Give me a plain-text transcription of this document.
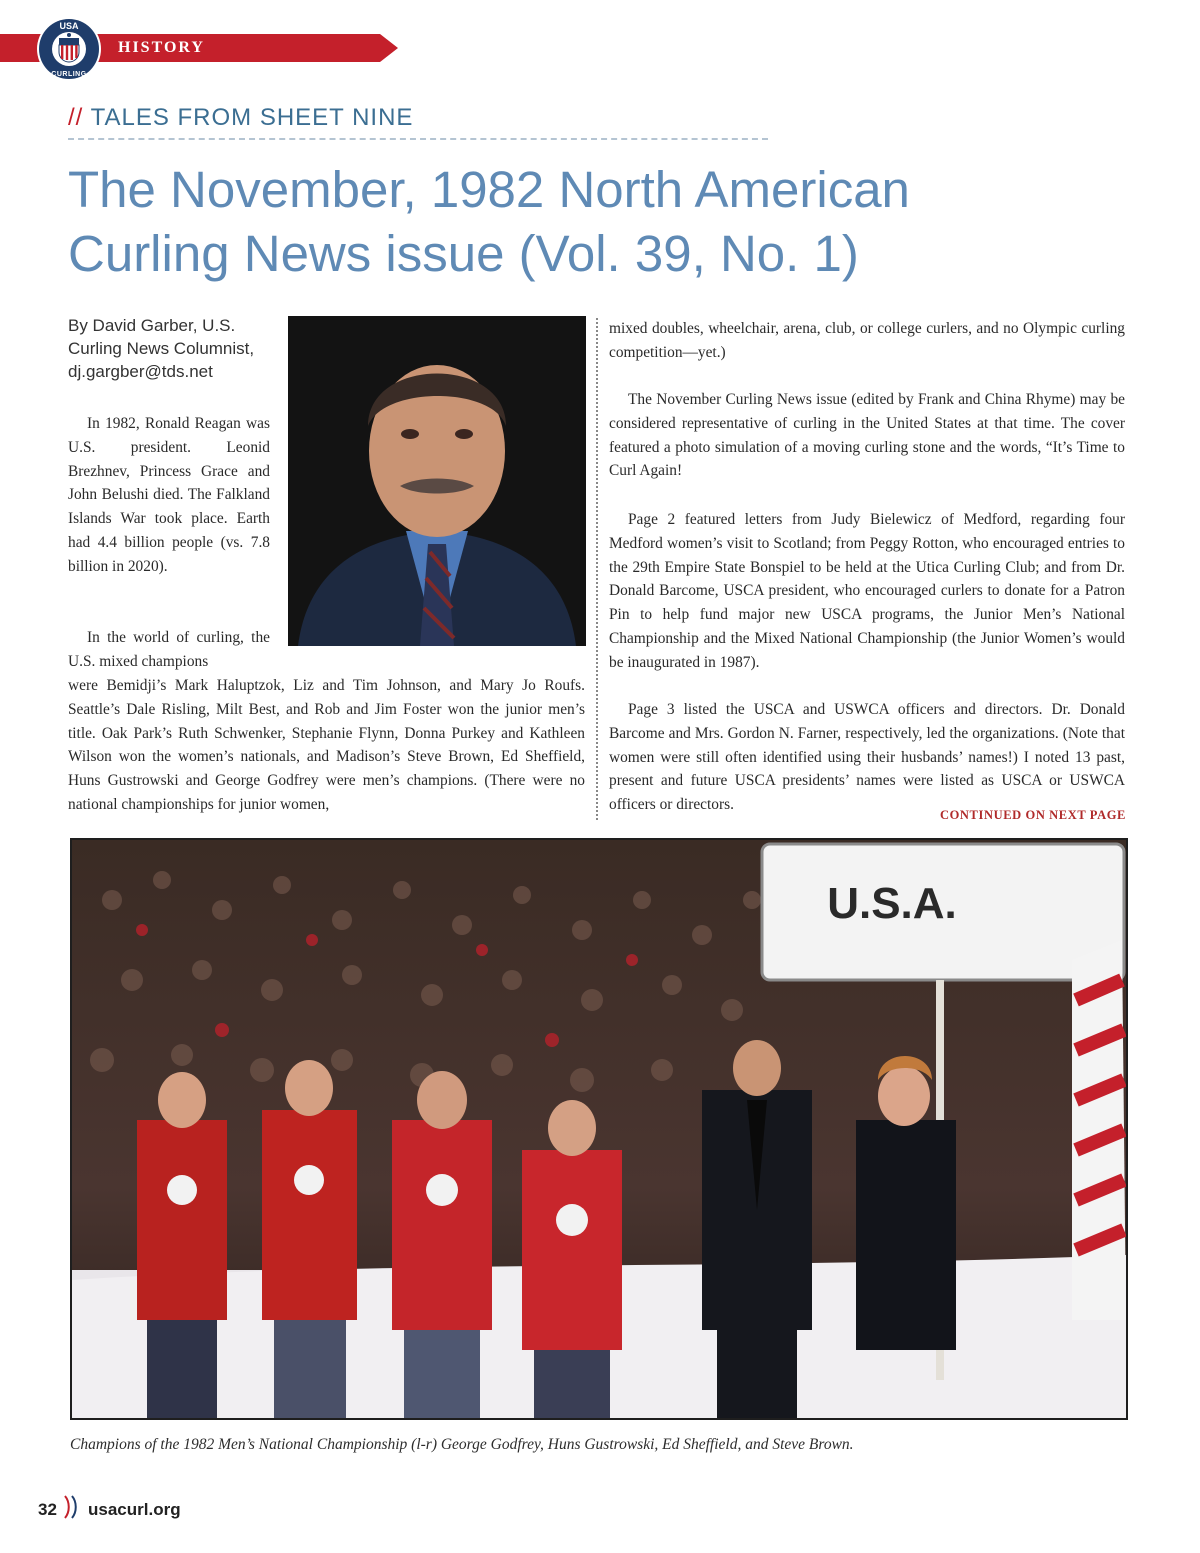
HISTORY
USA
CURLING
// TALES FROM SHEET NINE
The November, 1982 North American
Curling News issue (Vol. 39, No. 1)
By David Garber, U.S.
Curling News Columnist,
dj.gargber@tds.net

In 1982, Ronald Reagan was U.S. president. Leonid Brezhnev, Princess Grace and John Belushi died. The Falkland Islands War took place. Earth had 4.4 billion people (vs. 7.8 billion in 2020).

In the world of curling, the U.S. mixed champions

were Bemidji’s Mark Haluptzok, Liz and Tim Johnson, and Mary Jo Roufs. Seattle’s Dale Risling, Milt Best, and Rob and Jim Foster won the junior men’s title. Oak Park’s Ruth Schwenker, Stephanie Flynn, Donna Purkey and Kathleen Wilson won the women’s nationals, and Madison’s Steve Brown, Ed Sheffield, Huns Gustrowski and George Godfrey were men’s champions. (There were no national championships for junior women,

mixed doubles, wheelchair, arena, club, or college curlers, and no Olympic curling competition—yet.)

The November Curling News issue (edited by Frank and China Rhyme) may be considered representative of curling in the United States at that time. The cover featured a photo simulation of a moving curling stone and the words, “It’s Time to Curl Again!

Page 2 featured letters from Judy Bielewicz of Medford, regarding four Medford women’s visit to Scotland; from Peggy Rotton, who encouraged entries to the 29th Empire State Bonspiel to be held at the Utica Curling Club; and from Dr. Donald Barcome, USCA president, who encouraged curlers to donate for a Patron Pin to help fund major new USCA programs, the Junior Men’s National Championship and the Mixed National Championship (the Junior Women’s would be inaugurated in 1987).

Page 3 listed the USCA and USWCA officers and directors. Dr. Donald Barcome and Mrs. Gordon N. Farner, respectively, led the organizations. (Note that women were still often identified using their husbands’ names!) I noted 13 past, present and future USCA presidents’ names were listed as USCA or USWCA officers or directors.

CONTINUED ON NEXT PAGE
U.S.A.
Champions of the 1982 Men’s National Championship (l-r) George Godfrey, Huns Gustrowski, Ed Sheffield, and Steve Brown.
32 usacurl.org
